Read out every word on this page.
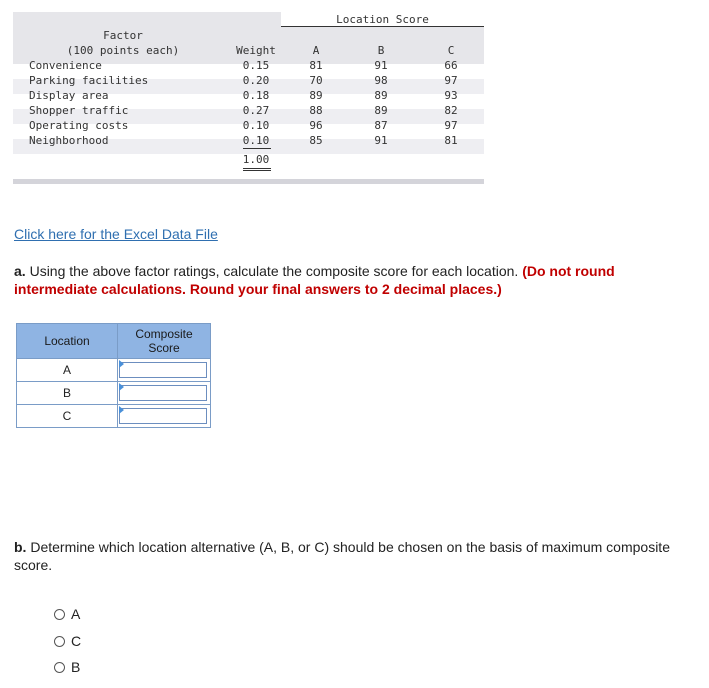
Location Score
Factor
(100 points each)	Weight	A	B	C
Convenience	0.15	81	91	66
Parking facilities	0.20	70	98	97
Display area	0.18	89	89	93
Shopper traffic	0.27	88	89	82
Operating costs	0.10	96	87	97
Neighborhood	0.10	85	91	81
1.00
Click here for the Excel Data File
a. Using the above factor ratings, calculate the composite score for each location. (Do not round intermediate calculations. Round your final answers to 2 decimal places.)
Location	Composite
Score
A	

B	

C	
b. Determine which location alternative (A, B, or C) should be chosen on the basis of maximum composite score.
A
C
B
